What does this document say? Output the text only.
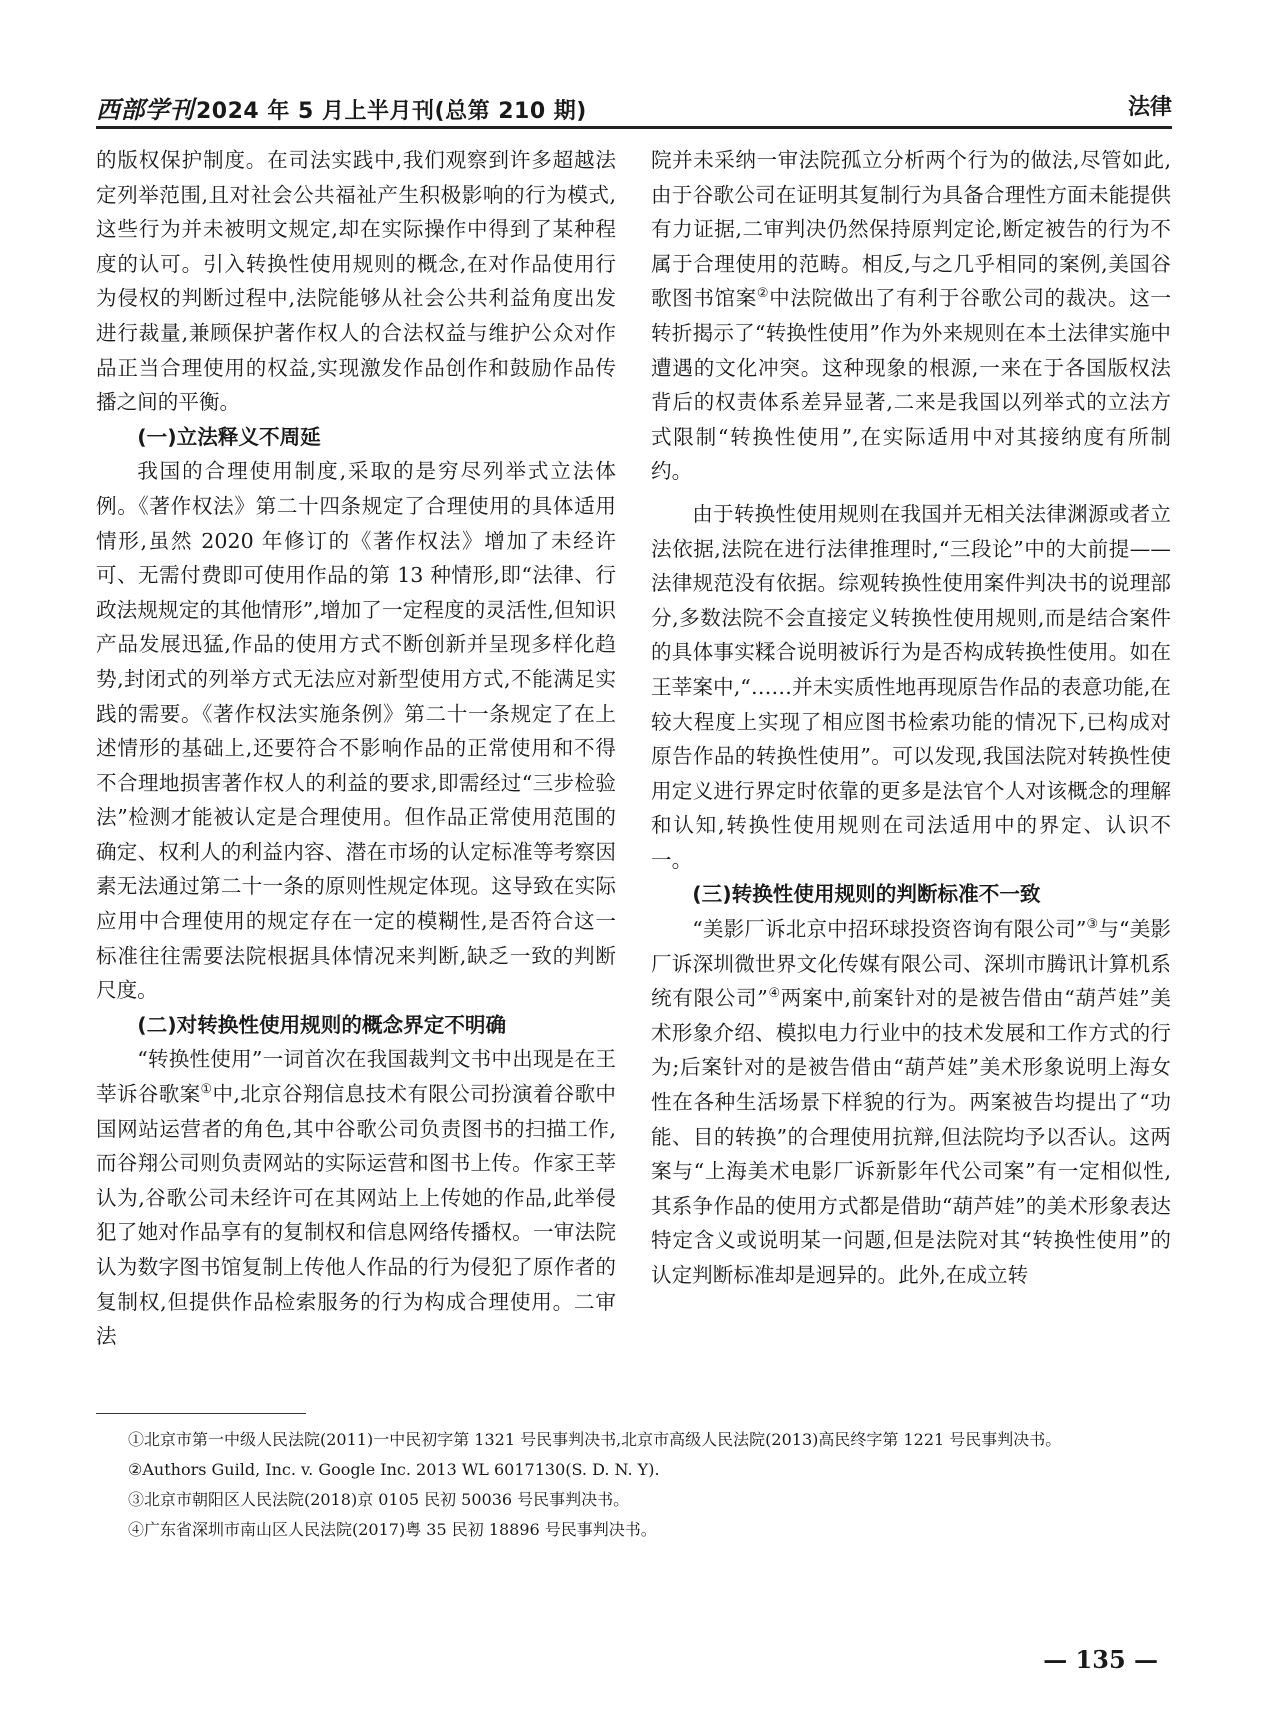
西部学刊2024 年 5 月上半月刊(总第 210 期)	法律

的版权保护制度。在司法实践中,我们观察到许多超越法定列举范围,且对社会公共福祉产生积极影响的行为模式,这些行为并未被明文规定,却在实际操作中得到了某种程度的认可。引入转换性使用规则的概念,在对作品使用行为侵权的判断过程中,法院能够从社会公共利益角度出发进行裁量,兼顾保护著作权人的合法权益与维护公众对作品正当合理使用的权益,实现激发作品创作和鼓励作品传播之间的平衡。

(一)立法释义不周延

我国的合理使用制度,采取的是穷尽列举式立法体例。《著作权法》第二十四条规定了合理使用的具体适用情形,虽然 2020 年修订的《著作权法》增加了未经许可、无需付费即可使用作品的第 13 种情形,即“法律、行政法规规定的其他情形”,增加了一定程度的灵活性,但知识产品发展迅猛,作品的使用方式不断创新并呈现多样化趋势,封闭式的列举方式无法应对新型使用方式,不能满足实践的需要。《著作权法实施条例》第二十一条规定了在上述情形的基础上,还要符合不影响作品的正常使用和不得不合理地损害著作权人的利益的要求,即需经过“三步检验法”检测才能被认定是合理使用。但作品正常使用范围的确定、权利人的利益内容、潜在市场的认定标准等考察因素无法通过第二十一条的原则性规定体现。这导致在实际应用中合理使用的规定存在一定的模糊性,是否符合这一标准往往需要法院根据具体情况来判断,缺乏一致的判断尺度。

(二)对转换性使用规则的概念界定不明确

“转换性使用”一词首次在我国裁判文书中出现是在王莘诉谷歌案①中,北京谷翔信息技术有限公司扮演着谷歌中国网站运营者的角色,其中谷歌公司负责图书的扫描工作,而谷翔公司则负责网站的实际运营和图书上传。作家王莘认为,谷歌公司未经许可在其网站上上传她的作品,此举侵犯了她对作品享有的复制权和信息网络传播权。一审法院认为数字图书馆复制上传他人作品的行为侵犯了原作者的复制权,但提供作品检索服务的行为构成合理使用。二审法

院并未采纳一审法院孤立分析两个行为的做法,尽管如此,由于谷歌公司在证明其复制行为具备合理性方面未能提供有力证据,二审判决仍然保持原判定论,断定被告的行为不属于合理使用的范畴。相反,与之几乎相同的案例,美国谷歌图书馆案②中法院做出了有利于谷歌公司的裁决。这一转折揭示了“转换性使用”作为外来规则在本土法律实施中遭遇的文化冲突。这种现象的根源,一来在于各国版权法背后的权责体系差异显著,二来是我国以列举式的立法方式限制“转换性使用”,在实际适用中对其接纳度有所制约。

由于转换性使用规则在我国并无相关法律渊源或者立法依据,法院在进行法律推理时,“三段论”中的大前提——法律规范没有依据。综观转换性使用案件判决书的说理部分,多数法院不会直接定义转换性使用规则,而是结合案件的具体事实糅合说明被诉行为是否构成转换性使用。如在王莘案中,“……并未实质性地再现原告作品的表意功能,在较大程度上实现了相应图书检索功能的情况下,已构成对原告作品的转换性使用”。可以发现,我国法院对转换性使用定义进行界定时依靠的更多是法官个人对该概念的理解和认知,转换性使用规则在司法适用中的界定、认识不一。

(三)转换性使用规则的判断标准不一致

“美影厂诉北京中招环球投资咨询有限公司”③与“美影厂诉深圳微世界文化传媒有限公司、深圳市腾讯计算机系统有限公司”④两案中,前案针对的是被告借由“葫芦娃”美术形象介绍、模拟电力行业中的技术发展和工作方式的行为;后案针对的是被告借由“葫芦娃”美术形象说明上海女性在各种生活场景下样貌的行为。两案被告均提出了“功能、目的转换”的合理使用抗辩,但法院均予以否认。这两案与“上海美术电影厂诉新影年代公司案”有一定相似性,其系争作品的使用方式都是借助“葫芦娃”的美术形象表达特定含义或说明某一问题,但是法院对其“转换性使用”的认定判断标准却是迥异的。此外,在成立转

①北京市第一中级人民法院(2011)一中民初字第 1321 号民事判决书,北京市高级人民法院(2013)高民终字第 1221 号民事判决书。

②Authors Guild, Inc. v. Google Inc. 2013 WL 6017130(S. D. N. Y).

③北京市朝阳区人民法院(2018)京 0105 民初 50036 号民事判决书。

④广东省深圳市南山区人民法院(2017)粤 35 民初 18896 号民事判决书。

— 135 —
